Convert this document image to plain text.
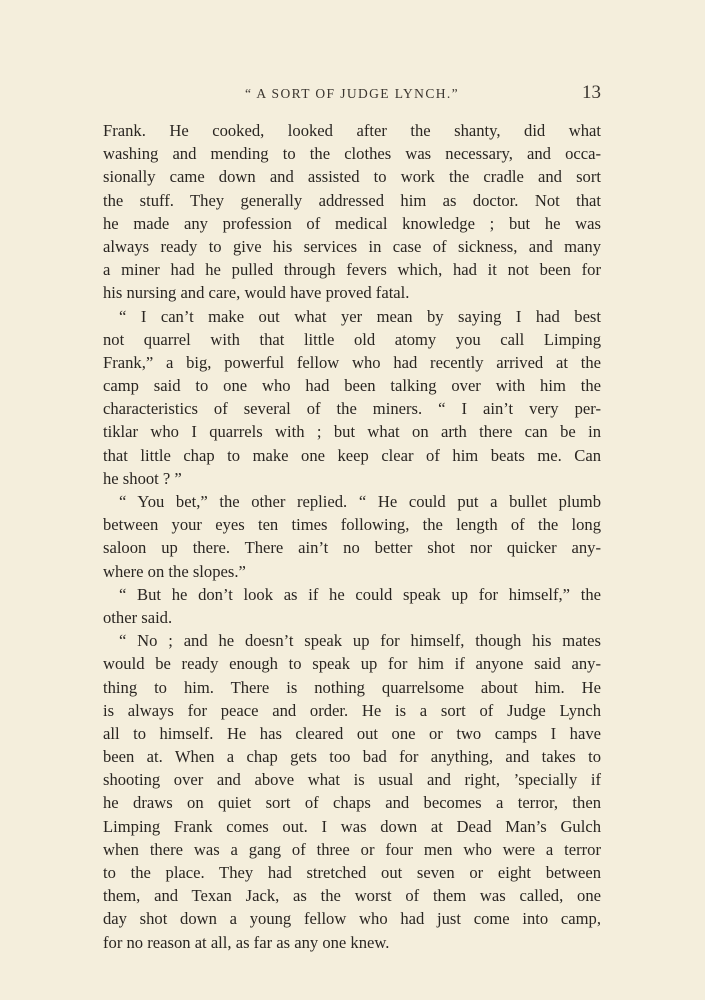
“ A SORT OF JUDGE LYNCH.”	13
Frank. He cooked, looked after the shanty, did what
washing and mending to the clothes was necessary, and occa-
sionally came down and assisted to work the cradle and sort
the stuff. They generally addressed him as doctor. Not that
he made any profession of medical knowledge ; but he was
always ready to give his services in case of sickness, and many
a miner had he pulled through fevers which, had it not been for
his nursing and care, would have proved fatal.
“ I can’t make out what yer mean by saying I had best
not quarrel with that little old atomy you call Limping
Frank,” a big, powerful fellow who had recently arrived at the
camp said to one who had been talking over with him the
characteristics of several of the miners. “ I ain’t very per-
tiklar who I quarrels with ; but what on arth there can be in
that little chap to make one keep clear of him beats me. Can
he shoot ? ”
“ You bet,” the other replied. “ He could put a bullet plumb
between your eyes ten times following, the length of the long
saloon up there. There ain’t no better shot nor quicker any-
where on the slopes.”
“ But he don’t look as if he could speak up for himself,” the
other said.
“ No ; and he doesn’t speak up for himself, though his mates
would be ready enough to speak up for him if anyone said any-
thing to him. There is nothing quarrelsome about him. He
is always for peace and order. He is a sort of Judge Lynch
all to himself. He has cleared out one or two camps I have
been at. When a chap gets too bad for anything, and takes to
shooting over and above what is usual and right, ’specially if
he draws on quiet sort of chaps and becomes a terror, then
Limping Frank comes out. I was down at Dead Man’s Gulch
when there was a gang of three or four men who were a terror
to the place. They had stretched out seven or eight between
them, and Texan Jack, as the worst of them was called, one
day shot down a young fellow who had just come into camp,
for no reason at all, as far as any one knew.
